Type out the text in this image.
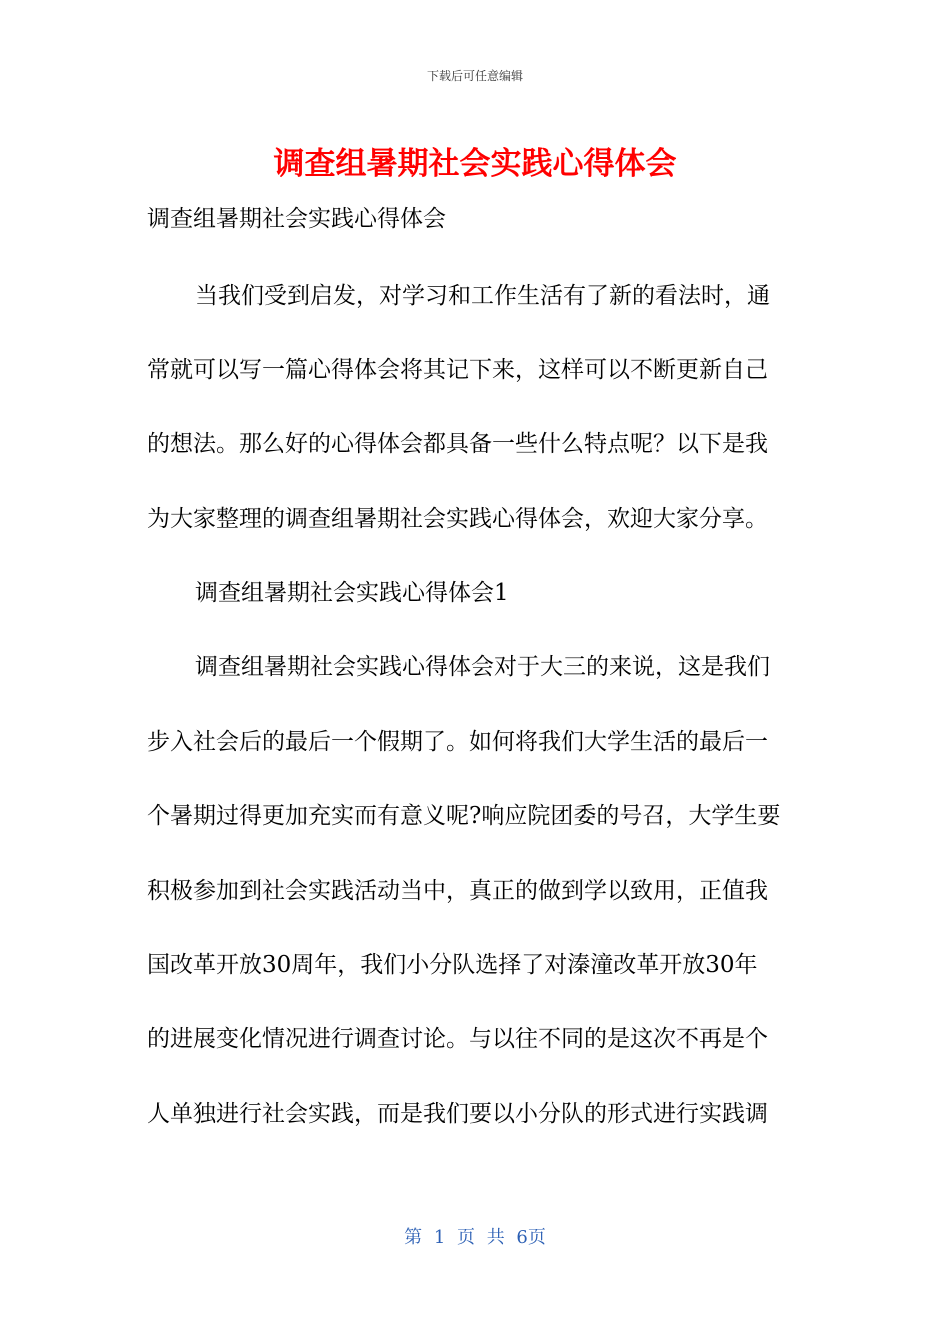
下载后可任意编辑
调查组暑期社会实践心得体会
调查组暑期社会实践心得体会
当我们受到启发，对学习和工作生活有了新的看法时，通
常就可以写一篇心得体会将其记下来，这样可以不断更新自己
的想法。那么好的心得体会都具备一些什么特点呢？以下是我
为大家整理的调查组暑期社会实践心得体会，欢迎大家分享。
调查组暑期社会实践心得体会1
调查组暑期社会实践心得体会对于大三的来说，这是我们
步入社会后的最后一个假期了。如何将我们大学生活的最后一
个暑期过得更加充实而有意义呢?响应院团委的号召，大学生要
积极参加到社会实践活动当中，真正的做到学以致用，正值我
国改革开放30周年，我们小分队选择了对溱潼改革开放30年
的进展变化情况进行调查讨论。与以往不同的是这次不再是个
人单独进行社会实践，而是我们要以小分队的形式进行实践调
第 1 页 共 6页
